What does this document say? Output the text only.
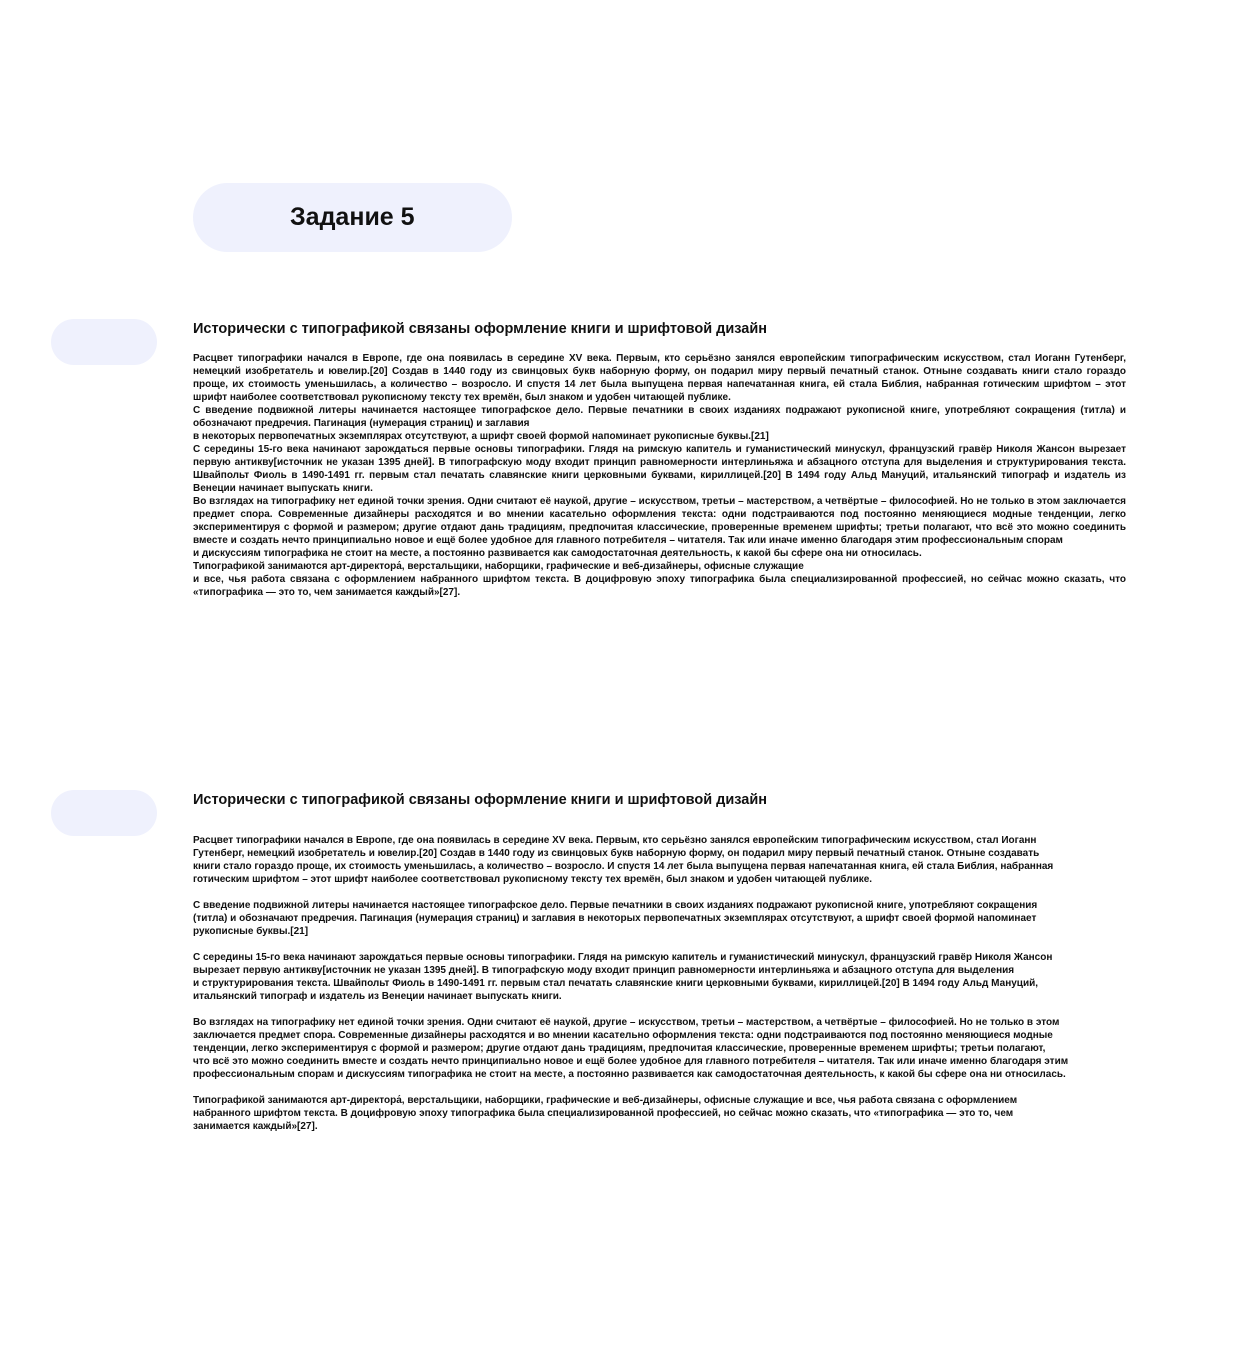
Задание 5
Исторически с типографикой связаны оформление книги и шрифтовой дизайн

Расцвет типографики начался в Европе, где она появилась в середине XV века. Первым, кто серьёзно занялся европейским типографическим искусством, стал Иоганн Гутенберг, немецкий изобретатель и ювелир.[20] Создав в 1440 году из свинцовых букв наборную форму, он подарил миру первый печатный станок. Отныне создавать книги стало гораздо проще, их стоимость уменьшилась, а количество – возросло. И спустя 14 лет была выпущена первая напечатанная книга, ей стала Библия, набранная готическим шрифтом – этот шрифт наиболее соответствовал рукописному тексту тех времён, был знаком и удобен читающей публике.

С введение подвижной литеры начинается настоящее типографское дело. Первые печатники в своих изданиях подражают рукописной книге, употребляют сокращения (титла) и обозначают предречия. Пагинация (нумерация страниц) и заглавия

в некоторых первопечатных экземплярах отсутствуют, а шрифт своей формой напоминает рукописные буквы.[21]

С середины 15-го века начинают зарождаться первые основы типографики. Глядя на римскую капитель и гуманистический минускул, французский гравёр Николя Жансон вырезает первую антикву[источник не указан 1395 дней]. В типографскую моду входит принцип равномерности интерлиньяжа и абзацного отступа для выделения и структурирования текста. Швайпольт Фиоль в 1490-1491 гг. первым стал печатать славянские книги церковными буквами, кириллицей.[20] В 1494 году Альд Мануций, итальянский типограф и издатель из Венеции начинает выпускать книги.

Во взглядах на типографику нет единой точки зрения. Одни считают её наукой, другие – искусством, третьи – мастерством, а четвёртые – философией. Но не только в этом заключается предмет спора. Современные дизайнеры расходятся и во мнении касательно оформления текста: одни подстраиваются под постоянно меняющиеся модные тенденции, легко экспериментируя с формой и размером; другие отдают дань традициям, предпочитая классические, проверенные временем шрифты; третьи полагают, что всё это можно соединить вместе и создать нечто принципиально новое и ещё более удобное для главного потребителя – читателя. Так или иначе именно благодаря этим профессиональным спорам

и дискуссиям типографика не стоит на месте, а постоянно развивается как самодостаточная деятельность, к какой бы сфере она ни относилась.

Типографикой занимаются арт-директора́, верстальщики, наборщики, графические и веб-дизайнеры, офисные служащие

и все, чья работа связана с оформлением набранного шрифтом текста. В доцифровую эпоху типографика была специализированной профессией, но сейчас можно сказать, что «типографика — это то, чем занимается каждый»[27].

Исторически с типографикой связаны оформление книги и шрифтовой дизайн

Расцвет типографики начался в Европе, где она появилась в середине XV века. Первым, кто серьёзно занялся европейским типографическим искусством, стал Иоганн
Гутенберг, немецкий изобретатель и ювелир.[20] Создав в 1440 году из свинцовых букв наборную форму, он подарил миру первый печатный станок. Отныне создавать
книги стало гораздо проще, их стоимость уменьшилась, а количество – возросло. И спустя 14 лет была выпущена первая напечатанная книга, ей стала Библия, набранная
готическим шрифтом – этот шрифт наиболее соответствовал рукописному тексту тех времён, был знаком и удобен читающей публике.

С введение подвижной литеры начинается настоящее типографское дело. Первые печатники в своих изданиях подражают рукописной книге, употребляют сокращения
(титла) и обозначают предречия. Пагинация (нумерация страниц) и заглавия в некоторых первопечатных экземплярах отсутствуют, а шрифт своей формой напоминает
рукописные буквы.[21]

С середины 15-го века начинают зарождаться первые основы типографики. Глядя на римскую капитель и гуманистический минускул, французский гравёр Николя Жансон
вырезает первую антикву[источник не указан 1395 дней]. В типографскую моду входит принцип равномерности интерлиньяжа и абзацного отступа для выделения
и структурирования текста. Швайпольт Фиоль в 1490-1491 гг. первым стал печатать славянские книги церковными буквами, кириллицей.[20] В 1494 году Альд Мануций,
итальянский типограф и издатель из Венеции начинает выпускать книги.

Во взглядах на типографику нет единой точки зрения. Одни считают её наукой, другие – искусством, третьи – мастерством, а четвёртые – философией. Но не только в этом
заключается предмет спора. Современные дизайнеры расходятся и во мнении касательно оформления текста: одни подстраиваются под постоянно меняющиеся модные
тенденции, легко экспериментируя с формой и размером; другие отдают дань традициям, предпочитая классические, проверенные временем шрифты; третьи полагают,
что всё это можно соединить вместе и создать нечто принципиально новое и ещё более удобное для главного потребителя – читателя. Так или иначе именно благодаря этим
профессиональным спорам и дискуссиям типографика не стоит на месте, а постоянно развивается как самодостаточная деятельность, к какой бы сфере она ни относилась.

Типографикой занимаются арт-директора́, верстальщики, наборщики, графические и веб-дизайнеры, офисные служащие и все, чья работа связана с оформлением
набранного шрифтом текста. В доцифровую эпоху типографика была специализированной профессией, но сейчас можно сказать, что «типографика — это то, чем
занимается каждый»[27].
